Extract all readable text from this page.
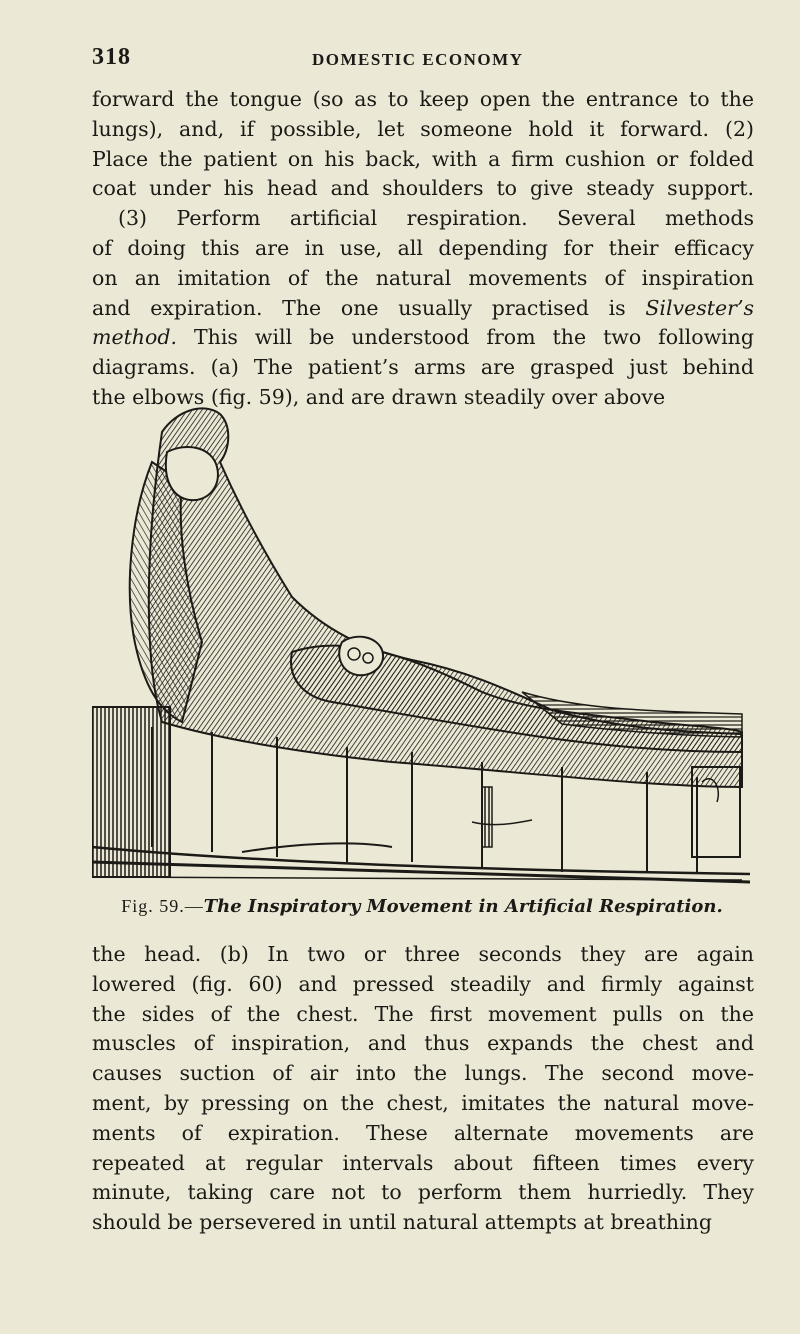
318	DOMESTIC ECONOMY

forward the tongue (so as to keep open the entrance to the
lungs), and, if possible, let someone hold it forward. (2)
Place the patient on his back, with a firm cushion or folded
coat under his head and shoulders to give steady support.
(3) Perform artificial respiration. Several methods
of doing this are in use, all depending for their efficacy
on an imitation of the natural movements of inspiration
and expiration. The one usually practised is Silvester’s
method. This will be understood from the two following
diagrams. (a) The patient’s arms are grasped just behind
the elbows (fig. 59), and are drawn steadily over above

Fig. 59.—The Inspiratory Movement in Artificial Respiration.

the head. (b) In two or three seconds they are again
lowered (fig. 60) and pressed steadily and firmly against
the sides of the chest. The first movement pulls on the
muscles of inspiration, and thus expands the chest and
causes suction of air into the lungs. The second move-
ment, by pressing on the chest, imitates the natural move-
ments of expiration. These alternate movements are
repeated at regular intervals about fifteen times every
minute, taking care not to perform them hurriedly. They
should be persevered in until natural attempts at breathing
